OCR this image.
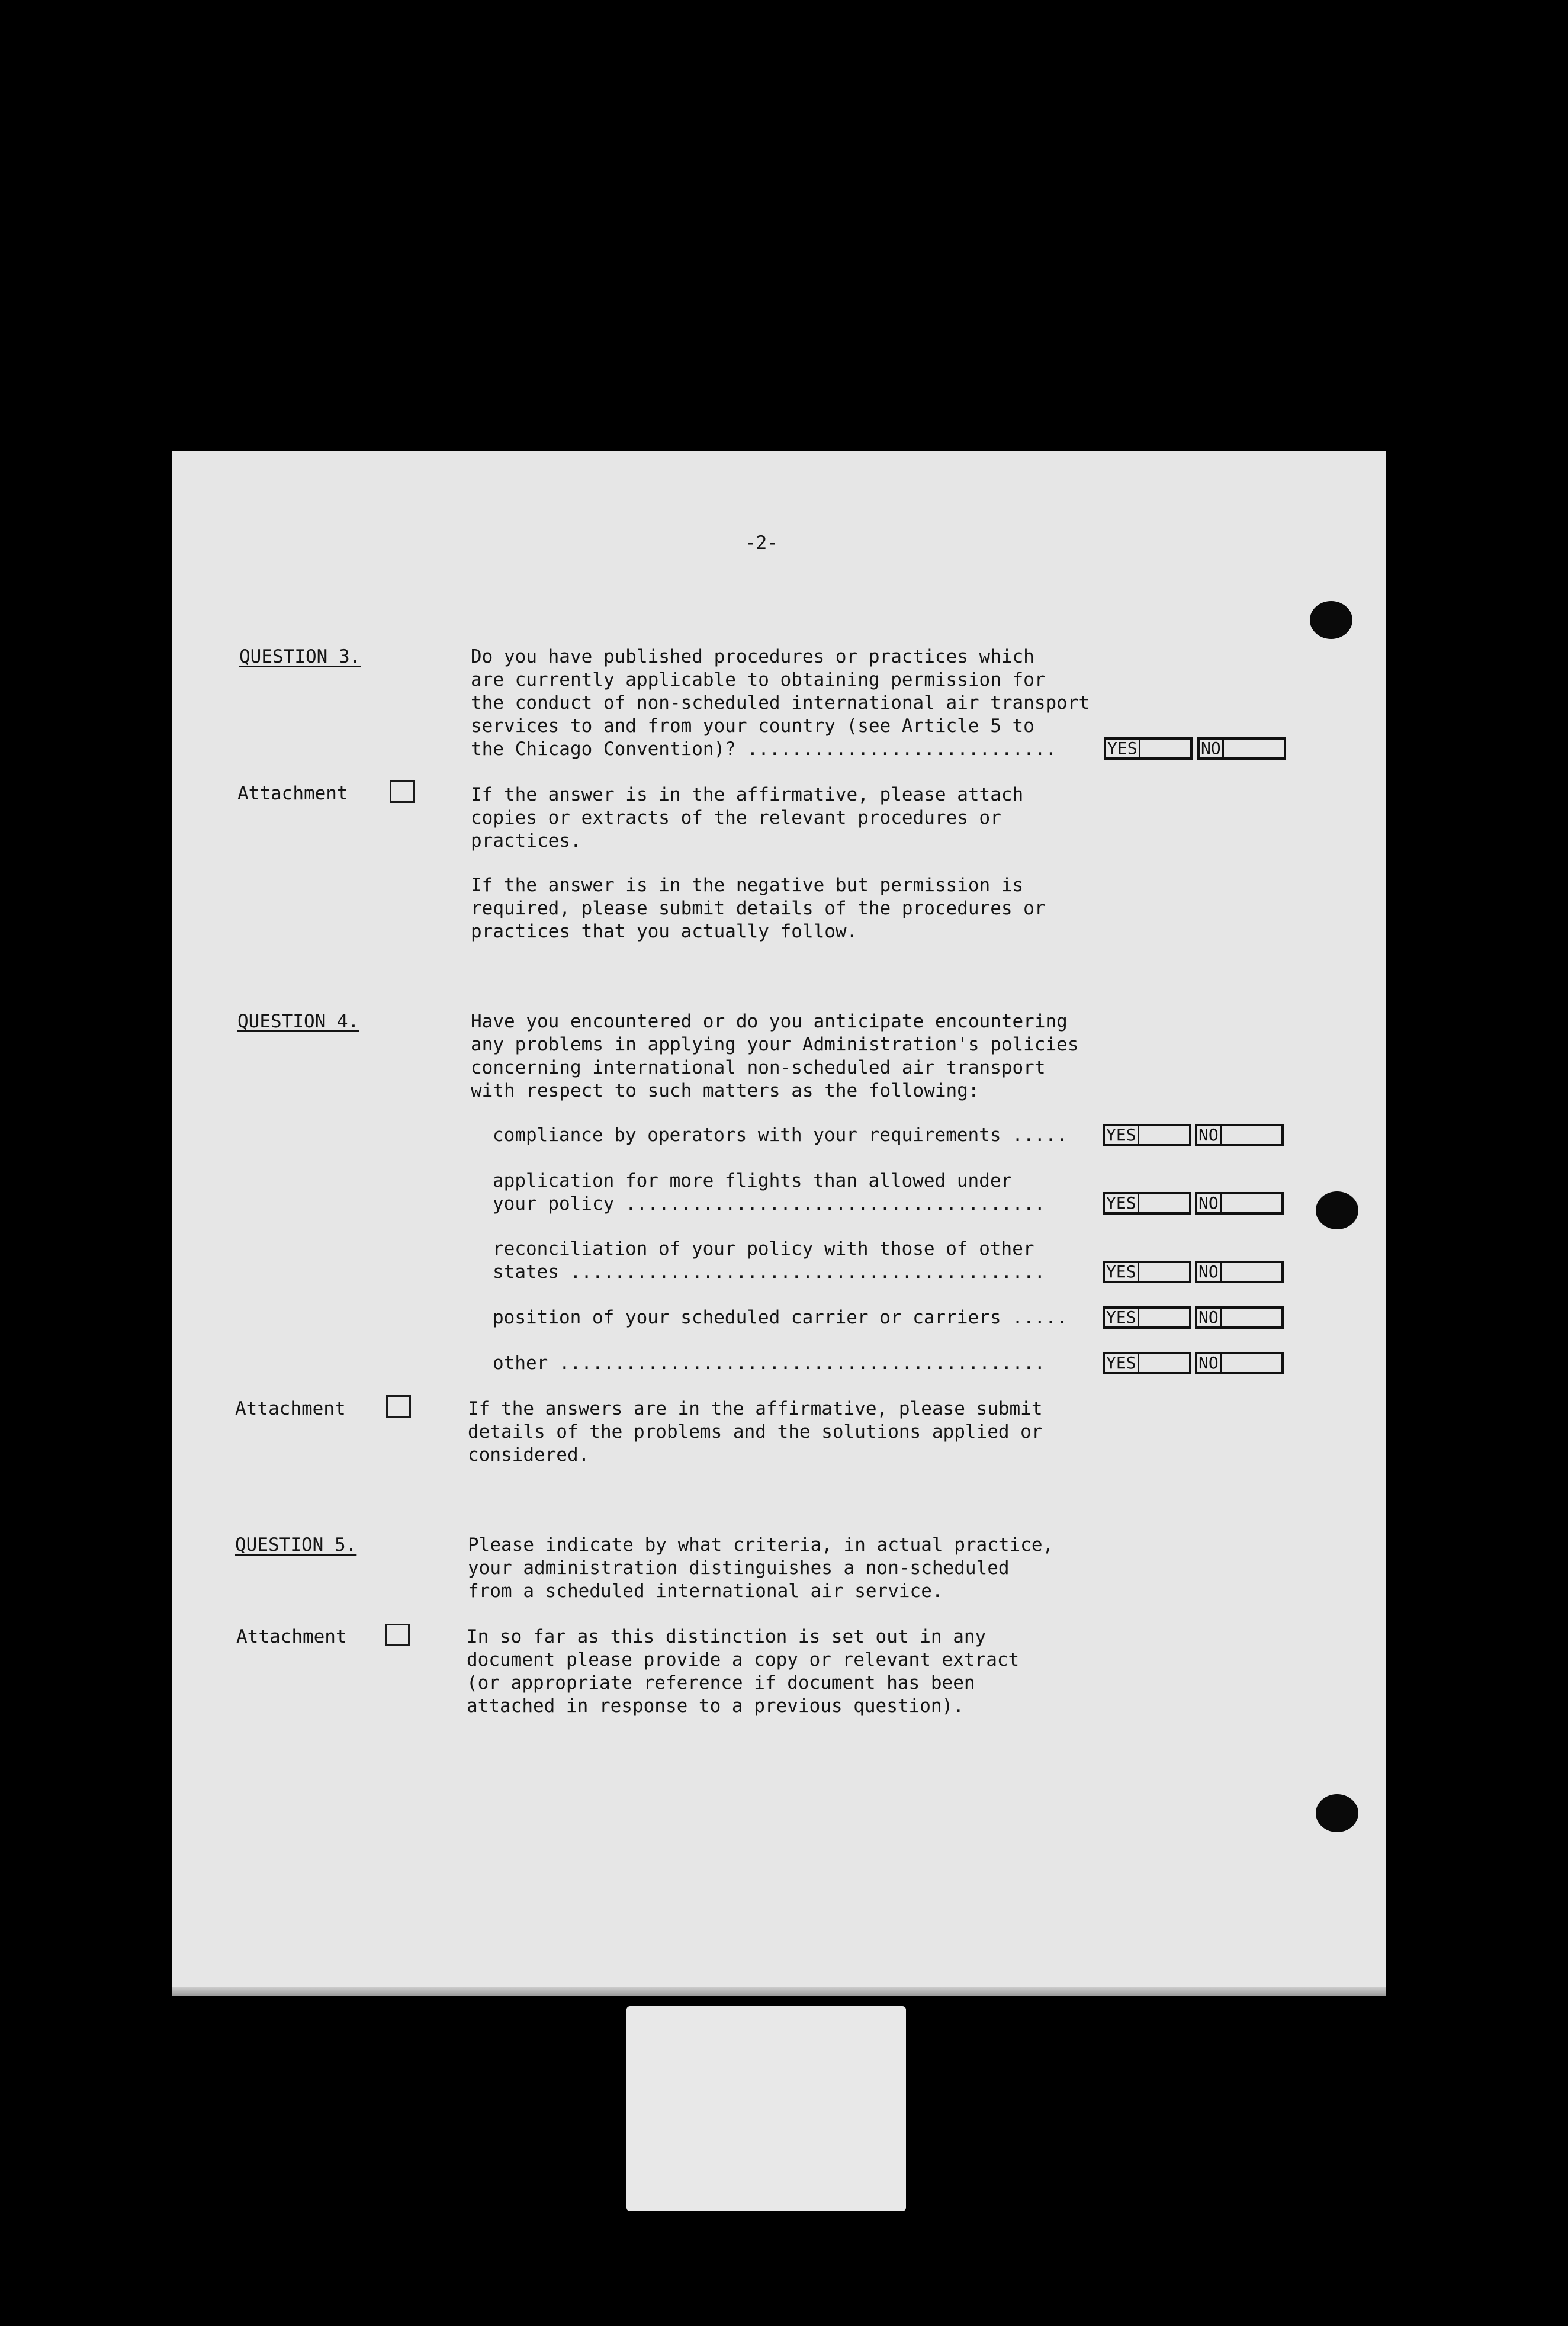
-2-

QUESTION 3.	Do you have published procedures or practices which
are currently applicable to obtaining permission for
the conduct of non-scheduled international air transport
services to and from your country (see Article 5 to
the Chicago Convention)? ............................	YES	NO

Attachment	If the answer is in the affirmative, please attach
copies or extracts of the relevant procedures or
practices.

If the answer is in the negative but permission is
required, please submit details of the procedures or
practices that you actually follow.

QUESTION 4.	Have you encountered or do you anticipate encountering
any problems in applying your Administration's policies
concerning international non-scheduled air transport
with respect to such matters as the following:

compliance by operators with your requirements ..... YES	NO

application for more flights than allowed under
your policy ......................................	YES	NO

reconciliation of your policy with those of other
states ...........................................	YES	NO

position of your scheduled carrier or carriers ..... YES	NO

other ............................................	YES	NO

Attachment	If the answers are in the affirmative, please submit
details of the problems and the solutions applied or
considered.

QUESTION 5.	Please indicate by what criteria, in actual practice,
your administration distinguishes a non-scheduled
from a scheduled international air service.

Attachment	In so far as this distinction is set out in any
document please provide a copy or relevant extract
(or appropriate reference if document has been
attached in response to a previous question).
